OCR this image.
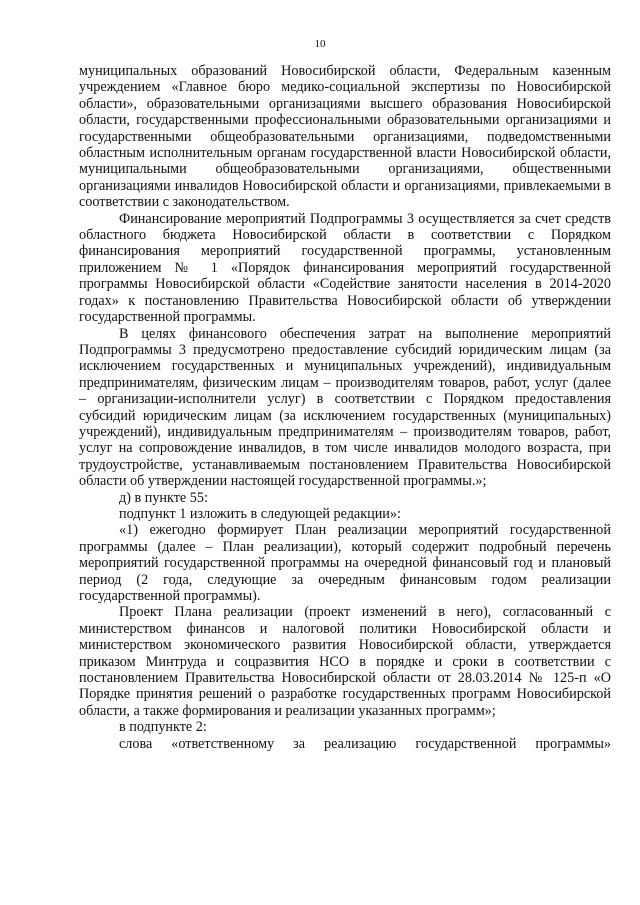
10

муниципальных образований Новосибирской области, Федеральным казенным учреждением «Главное бюро медико-социальной экспертизы по Новосибирской области», образовательными организациями высшего образования Новосибирской области, государственными профессиональными образовательными организациями и государственными общеобразовательными организациями, подведомственными областным исполнительным органам государственной власти Новосибирской области, муниципальными общеобразовательными организациями, общественными организациями инвалидов Новосибирской области и организациями, привлекаемыми в соответствии с законодательством.

Финансирование мероприятий Подпрограммы 3 осуществляется за счет средств областного бюджета Новосибирской области в соответствии с Порядком финансирования мероприятий государственной программы, установленным приложением № 1 «Порядок финансирования мероприятий государственной программы Новосибирской области «Содействие занятости населения в 2014-2020 годах» к постановлению Правительства Новосибирской области об утверждении государственной программы.

В целях финансового обеспечения затрат на выполнение мероприятий Подпрограммы 3 предусмотрено предоставление субсидий юридическим лицам (за исключением государственных и муниципальных учреждений), индивидуальным предпринимателям, физическим лицам – производителям товаров, работ, услуг (далее – организации-исполнители услуг) в соответствии с Порядком предоставления субсидий юридическим лицам (за исключением государственных (муниципальных) учреждений), индивидуальным предпринимателям – производителям товаров, работ, услуг на сопровождение инвалидов, в том числе инвалидов молодого возраста, при трудоустройстве, устанавливаемым постановлением Правительства Новосибирской области об утверждении настоящей государственной программы.»;

д) в пункте 55:

подпункт 1 изложить в следующей редакции»:

«1) ежегодно формирует План реализации мероприятий государственной программы (далее – План реализации), который содержит подробный перечень мероприятий государственной программы на очередной финансовый год и плановый период (2 года, следующие за очередным финансовым годом реализации государственной программы).

Проект Плана реализации (проект изменений в него), согласованный с министерством финансов и налоговой политики Новосибирской области и министерством экономического развития Новосибирской области, утверждается приказом Минтруда и соцразвития НСО в порядке и сроки в соответствии с постановлением Правительства Новосибирской области от 28.03.2014 № 125-п «О Порядке принятия решений о разработке государственных программ Новосибирской области, а также формирования и реализации указанных программ»;

в подпункте 2:

слова «ответственному за реализацию государственной программы»
